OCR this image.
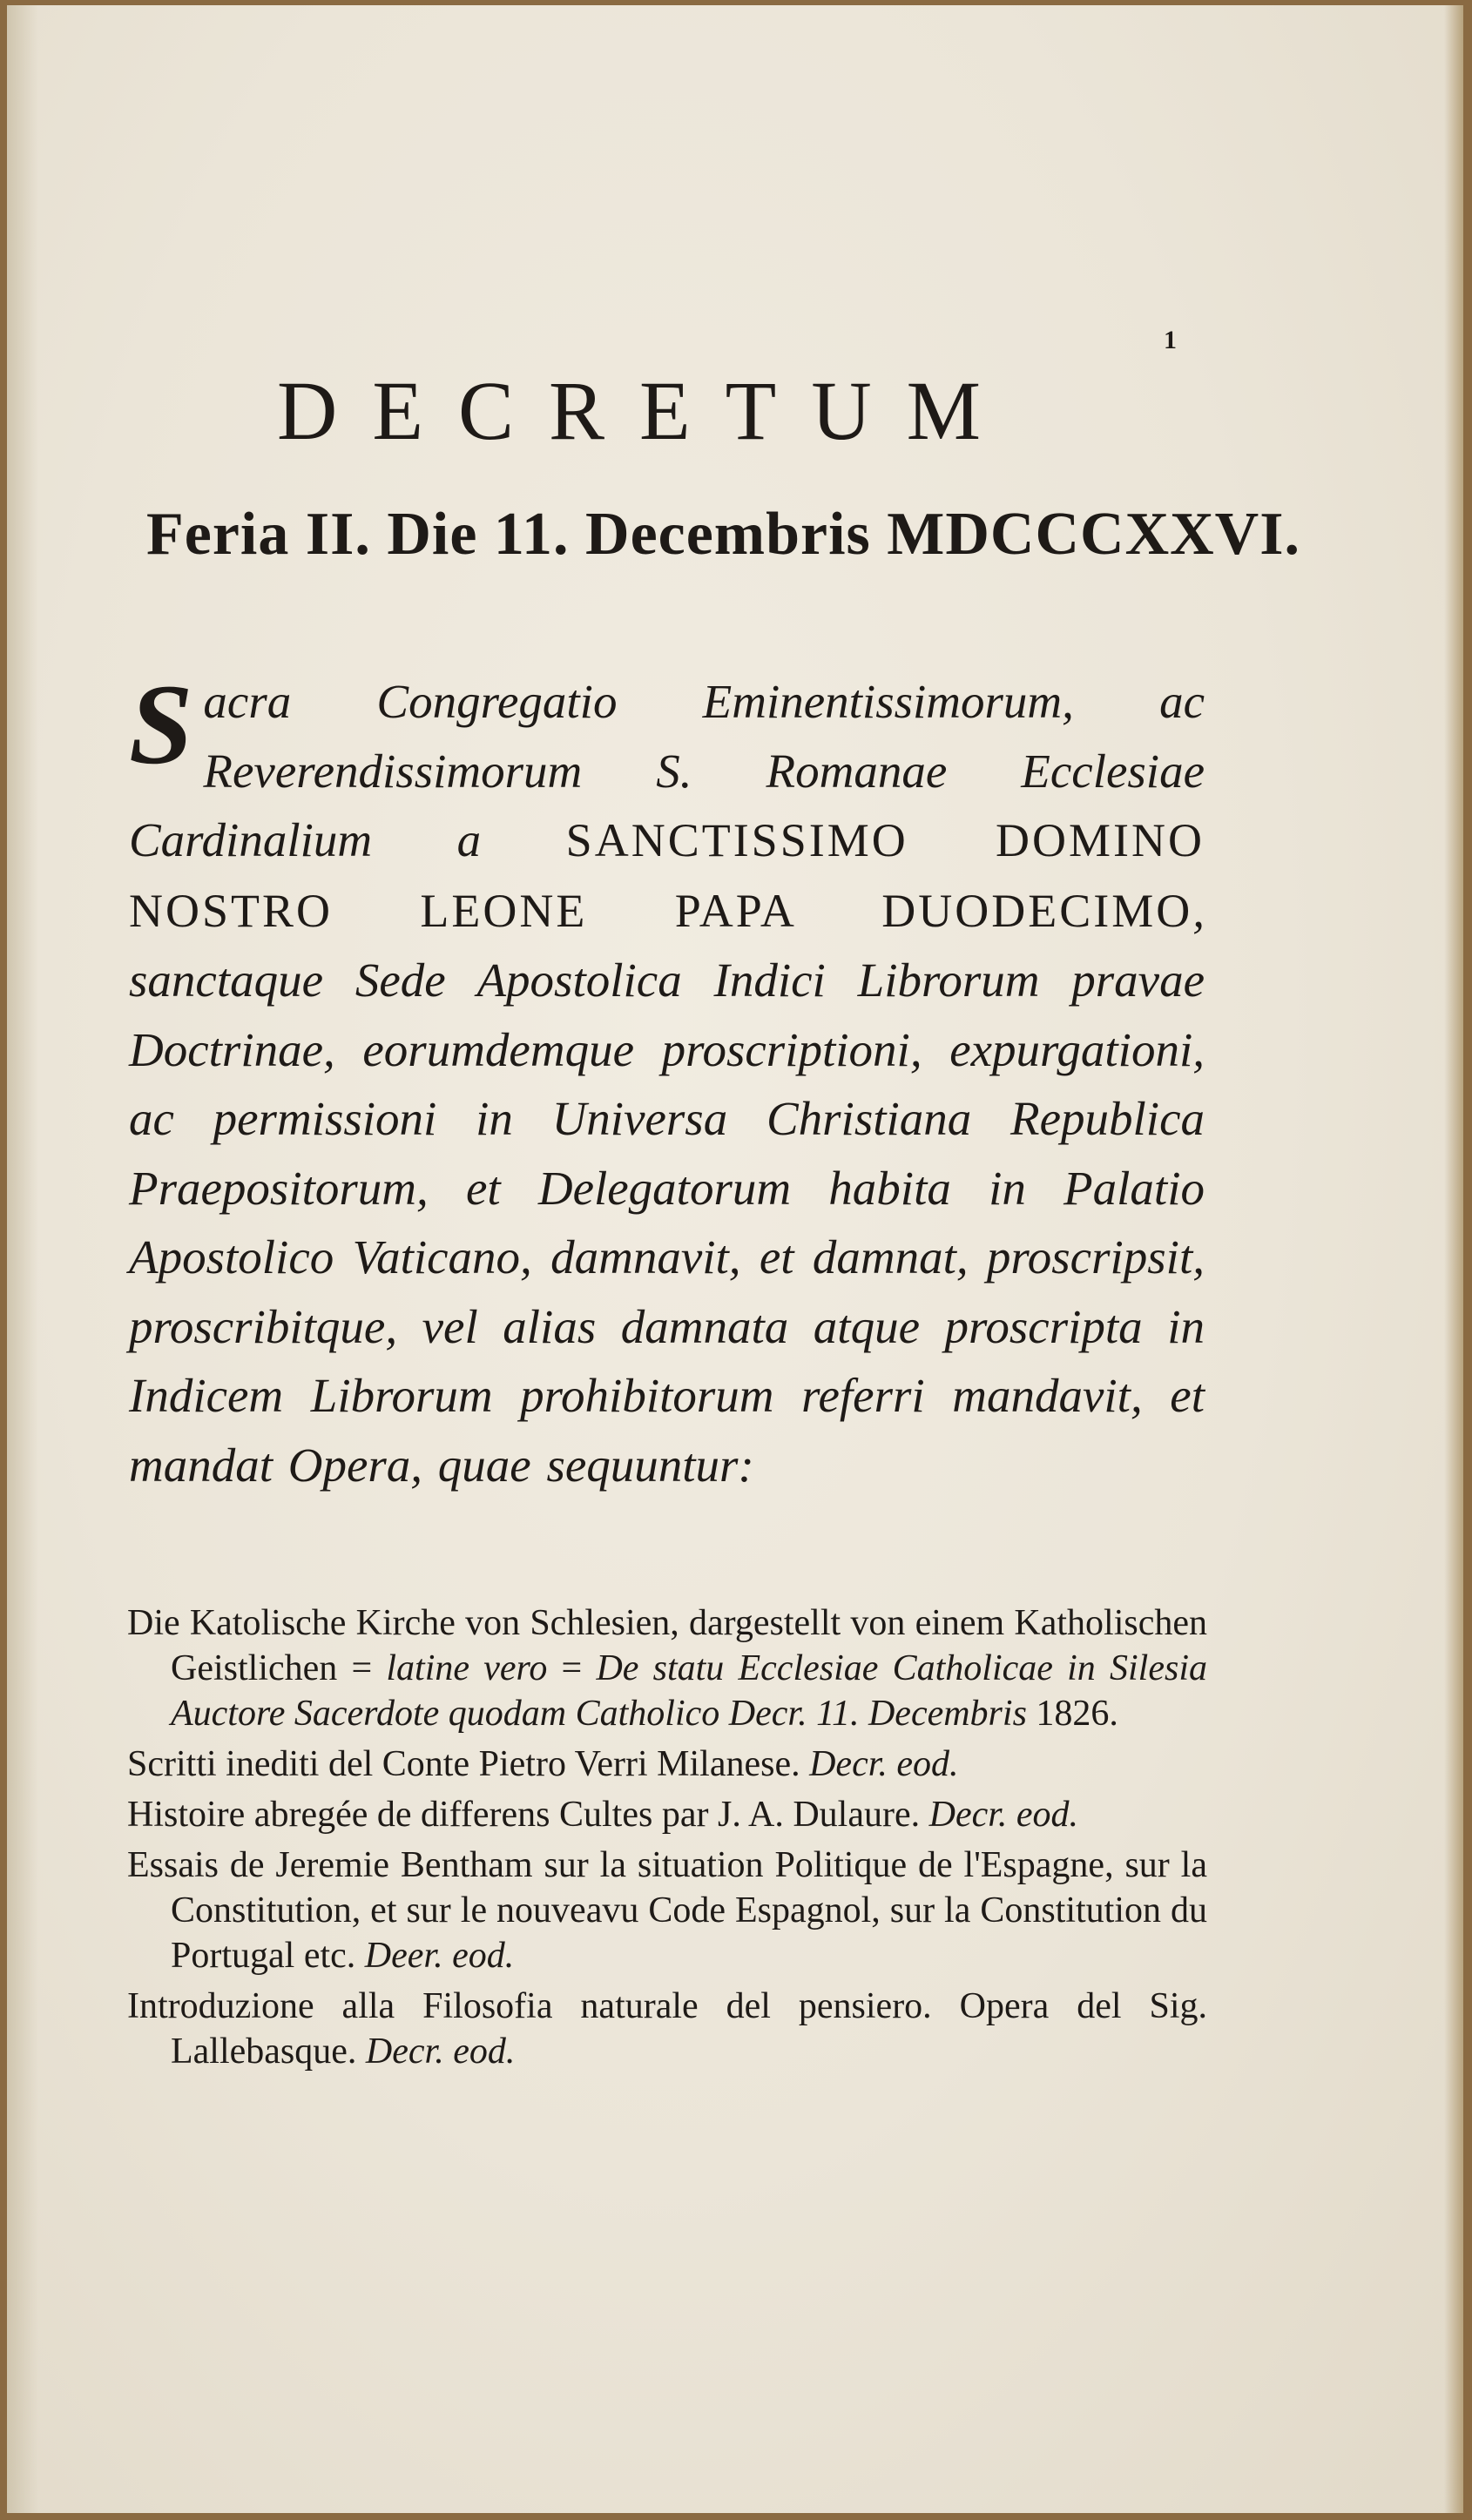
1
DECRETUM
Feria II. Die 11. Decembris MDCCCXXVI.

Sacra Congregatio Eminentissimorum, ac Reverendissimorum S. Romanae Ecclesiae Cardinalium a SANCTISSIMO DOMINO NOSTRO LEONE PAPA DUODECIMO, sanctaque Sede Apostolica Indici Librorum pravae Doctrinae, eorumdemque proscriptioni, expurgationi, ac permissioni in Universa Christiana Republica Praepositorum, et Delegatorum habita in Palatio Apostolico Vaticano, damnavit, et damnat, proscripsit, proscribitque, vel alias damnata atque proscripta in Indicem Librorum prohibitorum referri mandavit, et mandat Opera, quae sequuntur:

Die Katolische Kirche von Schlesien, dargestellt von einem Katholischen Geistlichen = latine vero = De statu Ecclesiae Catholicae in Silesia Auctore Sacerdote quodam Catholico Decr. 11. Decembris 1826.
Scritti inediti del Conte Pietro Verri Milanese. Decr. eod.
Histoire abregée de differens Cultes par J. A. Dulaure. Decr. eod.
Essais de Jeremie Bentham sur la situation Politique de l'Espagne, sur la Constitution, et sur le nouveavu Code Espagnol, sur la Constitution du Portugal etc. Deer. eod.
Introduzione alla Filosofia naturale del pensiero. Opera del Sig. Lallebasque. Decr. eod.
